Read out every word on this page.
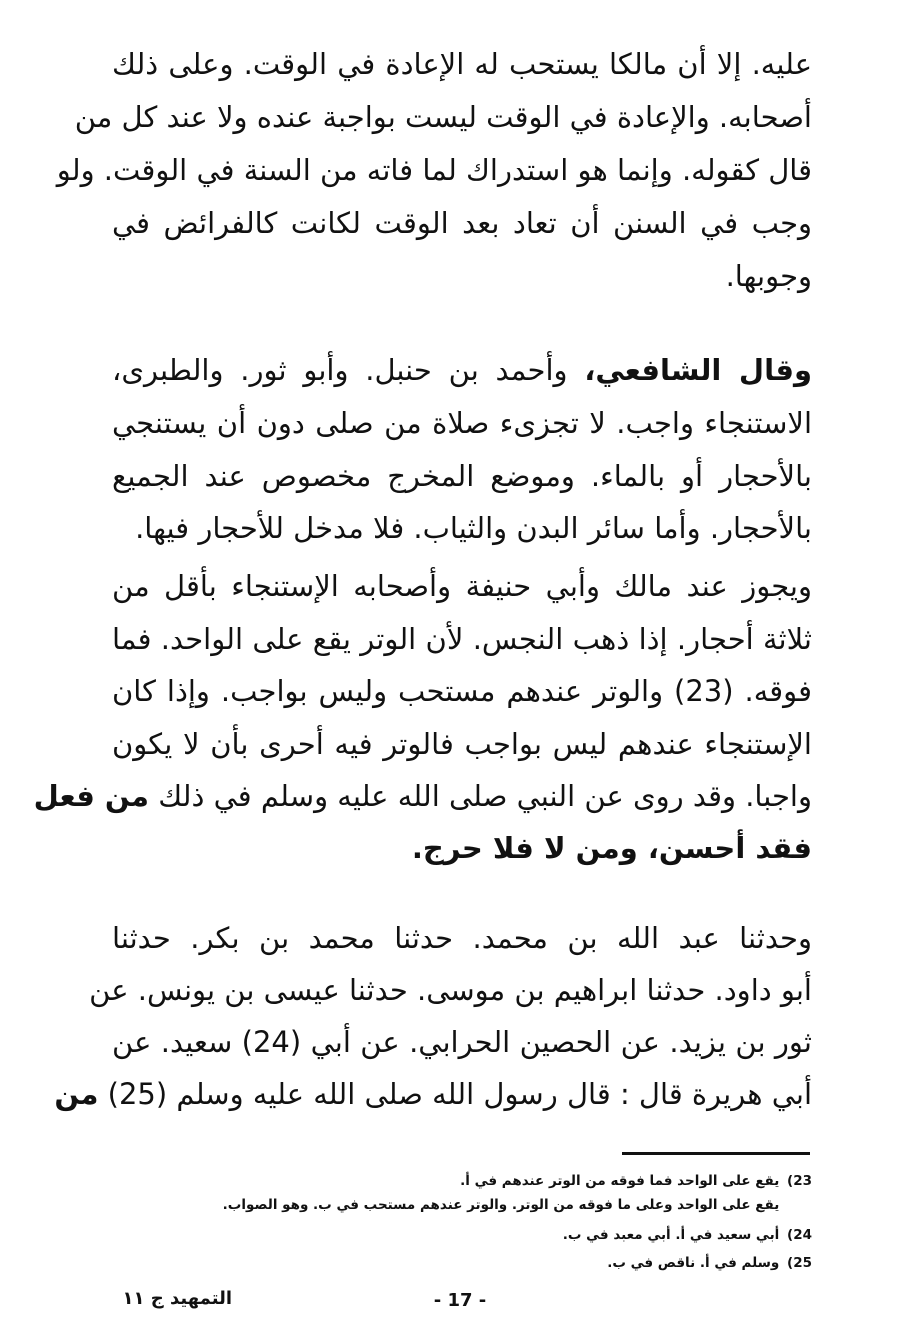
عليه. إلا أن مالكا يستحب له الإعادة في الوقت. وعلى ذلك
أصحابه. والإعادة في الوقت ليست بواجبة عنده ولا عند كل من
قال كقوله. وإنما هو استدراك لما فاته من السنة في الوقت. ولو
وجب في السنن أن تعاد بعد الوقت لكانت كالفرائض في
وجوبها.
وقال الشافعي، وأحمد بن حنبل. وأبو ثور. والطبرى،
الاستنجاء واجب. لا تجزىء صلاة من صلى دون أن يستنجي
بالأحجار أو بالماء. وموضع المخرج مخصوص عند الجميع
بالأحجار. وأما سائر البدن والثياب. فلا مدخل للأحجار فيها.
ويجوز عند مالك وأبي حنيفة وأصحابه الإستنجاء بأقل من
ثلاثة أحجار. إذا ذهب النجس. لأن الوتر يقع على الواحد. فما
فوقه. (23) والوتر عندهم مستحب وليس بواجب. وإذا كان
الإستنجاء عندهم ليس بواجب فالوتر فيه أحرى بأن لا يكون
واجبا. وقد روى عن النبي صلى الله عليه وسلم في ذلك من فعل
فقد أحسن، ومن لا فلا حرج.
وحدثنا عبد الله بن محمد. حدثنا محمد بن بكر. حدثنا
أبو داود. حدثنا ابراهيم بن موسى. حدثنا عيسى بن يونس. عن
ثور بن يزيد. عن الحصين الحرابي. عن أبي (24) سعيد. عن
أبي هريرة قال : قال رسول الله صلى الله عليه وسلم (25) من
23) يقع على الواحد فما فوقه من الوتر عندهم في أ.
يقع على الواحد وعلى ما فوقه من الوتر. والوتر عندهم مستحب في ب. وهو الصواب.
24) أبي سعيد في أ. أبي معبد في ب.
25) وسلم في أ. ناقص في ب.
- 17 -
التمهيد ج ١١
